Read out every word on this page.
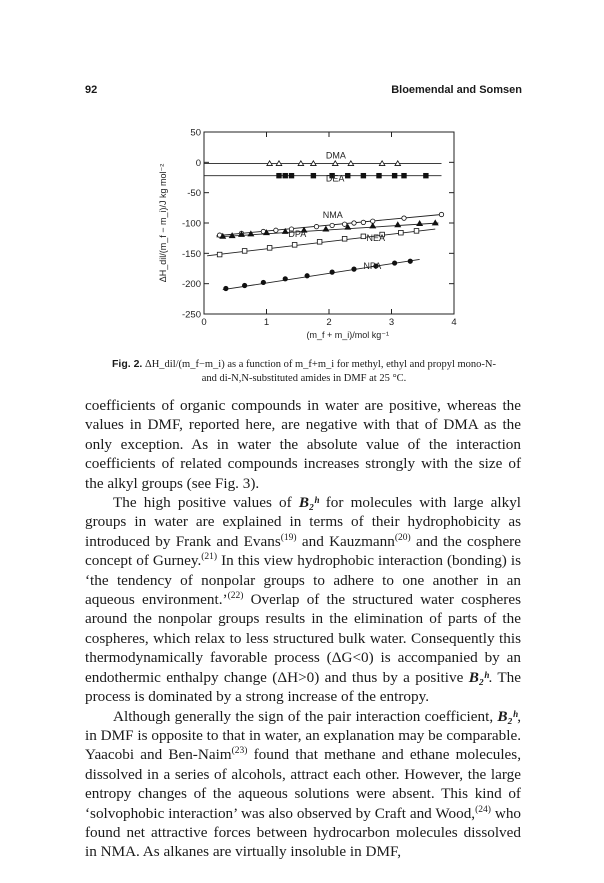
92	Bloemendal and Somsen
50
0
-50
-100
-150
-200
-250
0	1	2	3	4
DMA
DEA
NMA
DPA	NEA
NPA
(m_f + m_i)/mol kg⁻¹
ΔH_dil/(m_f − m_i)/J kg mol⁻²
Fig. 2. ΔH_dil/(m_f−m_i) as a function of m_f+m_i for methyl, ethyl and propyl mono-N- and di-N,N-substituted amides in DMF at 25 °C.

coefficients of organic compounds in water are positive, whereas the values in DMF, reported here, are negative with that of DMA as the only exception. As in water the absolute value of the interaction coefficients of related compounds increases strongly with the size of the alkyl groups (see Fig. 3).

The high positive values of B₂ʰ for molecules with large alkyl groups in water are explained in terms of their hydrophobicity as introduced by Frank and Evans$^{(19)}$ and Kauzmann$^{(20)}$ and the cosphere concept of Gurney.$^{(21)}$ In this view hydrophobic interaction (bonding) is ‘the tendency of nonpolar groups to adhere to one another in an aqueous environment.’$^{(22)}$ Overlap of the structured water cospheres around the nonpolar groups results in the elimination of parts of the cospheres, which relax to less structured bulk water. Consequently this thermodynamically favorable process (ΔG<0) is accompanied by an endothermic enthalpy change (ΔH>0) and thus by a positive B₂ʰ. The process is dominated by a strong increase of the entropy.

Although generally the sign of the pair interaction coefficient, B₂ʰ, in DMF is opposite to that in water, an explanation may be comparable. Yaacobi and Ben-Naim$^{(23)}$ found that methane and ethane molecules, dissolved in a series of alcohols, attract each other. However, the large entropy changes of the aqueous solutions were absent. This kind of ‘solvophobic interaction’ was also observed by Craft and Wood,$^{(24)}$ who found net attractive forces between hydrocarbon molecules dissolved in NMA. As alkanes are virtually insoluble in DMF,
